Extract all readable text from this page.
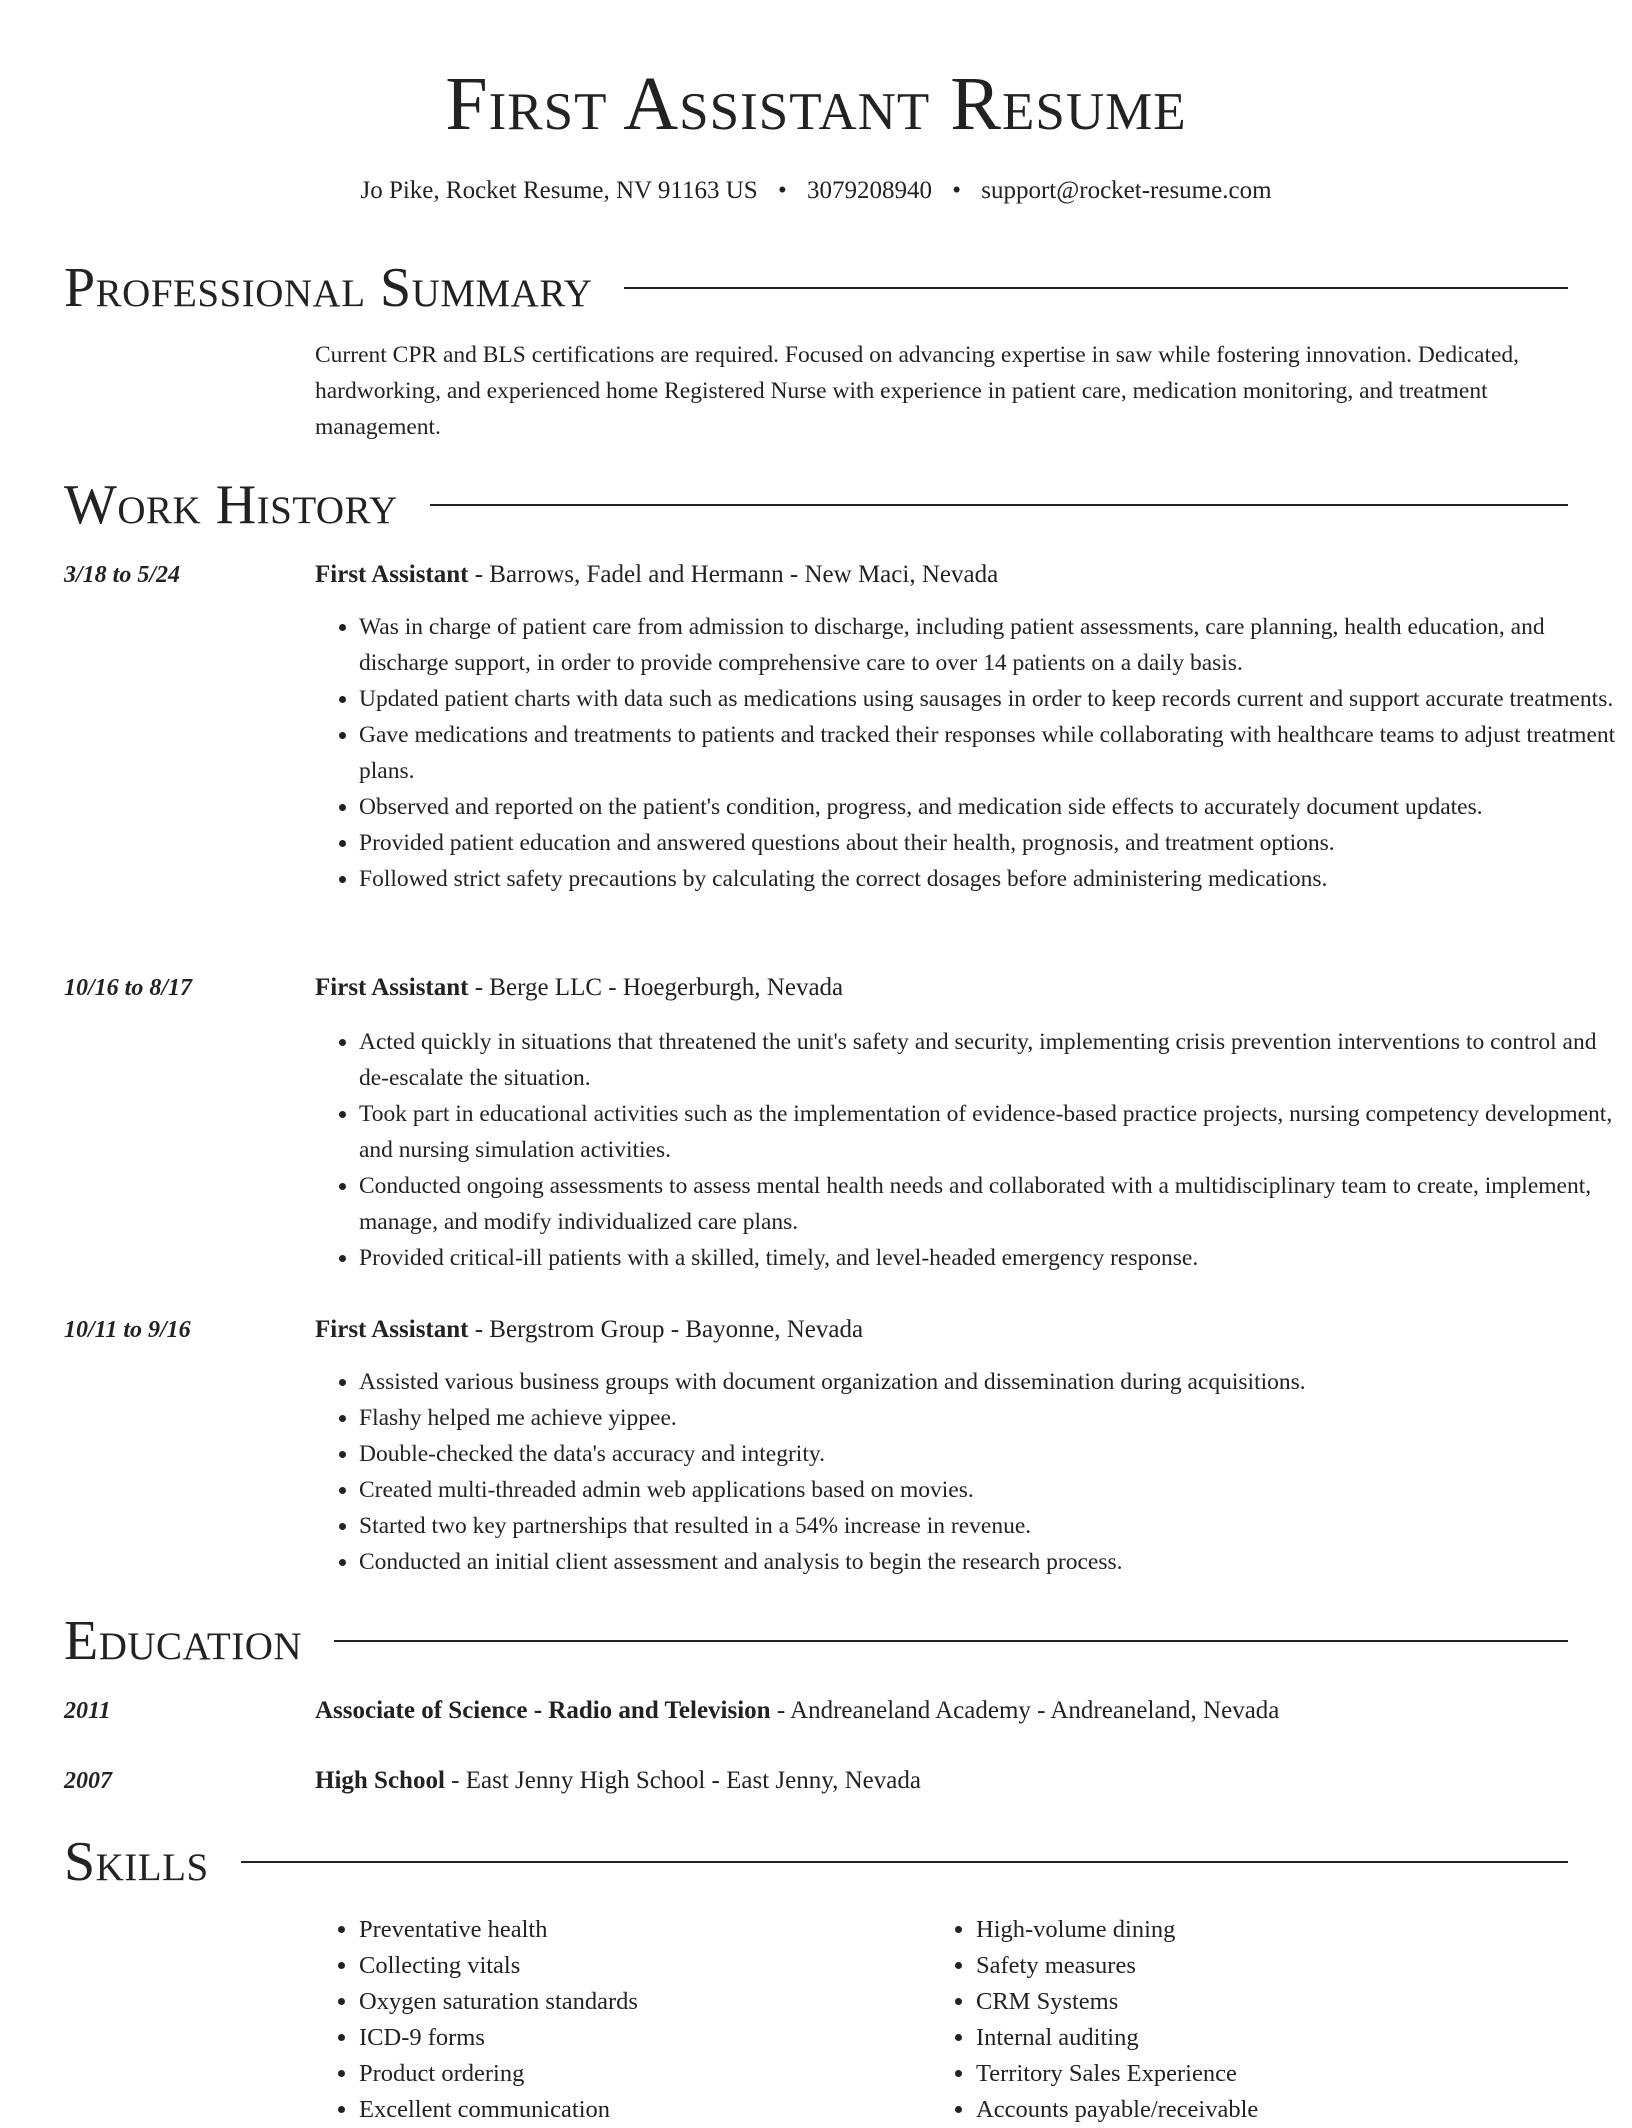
First Assistant Resume
Jo Pike, Rocket Resume, NV 91163 US • 3079208940 • support@rocket-resume.com
Professional Summary
Current CPR and BLS certifications are required. Focused on advancing expertise in saw while fostering innovation. Dedicated, hardworking, and experienced home Registered Nurse with experience in patient care, medication monitoring, and treatment management.
Work History
3/18 to 5/24	First Assistant - Barrows, Fadel and Hermann - New Maci, Nevada
• Was in charge of patient care from admission to discharge, including patient assessments, care planning, health education, and discharge support, in order to provide comprehensive care to over 14 patients on a daily basis.
• Updated patient charts with data such as medications using sausages in order to keep records current and support accurate treatments.
• Gave medications and treatments to patients and tracked their responses while collaborating with healthcare teams to adjust treatment plans.
• Observed and reported on the patient's condition, progress, and medication side effects to accurately document updates.
• Provided patient education and answered questions about their health, prognosis, and treatment options.
• Followed strict safety precautions by calculating the correct dosages before administering medications.
10/16 to 8/17	First Assistant - Berge LLC - Hoegerburgh, Nevada
• Acted quickly in situations that threatened the unit's safety and security, implementing crisis prevention interventions to control and de-escalate the situation.
• Took part in educational activities such as the implementation of evidence-based practice projects, nursing competency development, and nursing simulation activities.
• Conducted ongoing assessments to assess mental health needs and collaborated with a multidisciplinary team to create, implement, manage, and modify individualized care plans.
• Provided critical-ill patients with a skilled, timely, and level-headed emergency response.
10/11 to 9/16	First Assistant - Bergstrom Group - Bayonne, Nevada
• Assisted various business groups with document organization and dissemination during acquisitions.
• Flashy helped me achieve yippee.
• Double-checked the data's accuracy and integrity.
• Created multi-threaded admin web applications based on movies.
• Started two key partnerships that resulted in a 54% increase in revenue.
• Conducted an initial client assessment and analysis to begin the research process.
Education
2011	Associate of Science - Radio and Television - Andreaneland Academy - Andreaneland, Nevada
2007	High School - East Jenny High School - East Jenny, Nevada
Skills
• Preventative health
• Collecting vitals
• Oxygen saturation standards
• ICD-9 forms
• Product ordering
• Excellent communication
• High-volume dining
• Safety measures
• CRM Systems
• Internal auditing
• Territory Sales Experience
• Accounts payable/receivable
